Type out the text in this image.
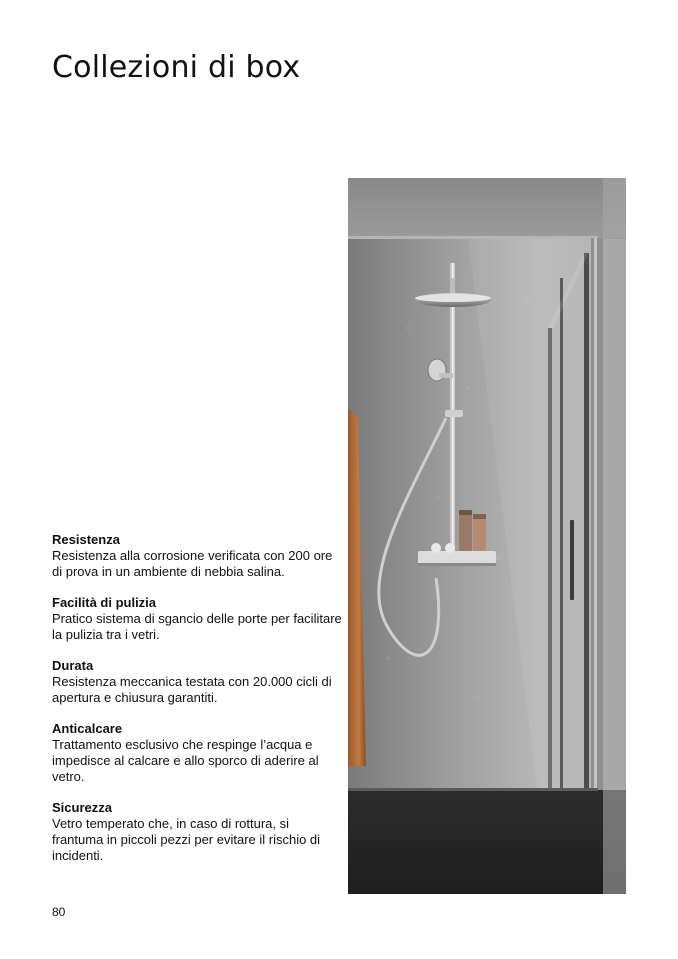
Collezioni di box

Resistenza

Resistenza alla corrosione verificata con 200 ore di prova in un ambiente di nebbia salina.

Facilità di pulizia

Pratico sistema di sgancio delle porte per facilitare la pulizia tra i vetri.

Durata

Resistenza meccanica testata con 20.000 cicli di apertura e chiusura garantiti.

Anticalcare

Trattamento esclusivo che respinge l’acqua e impedisce al calcare e allo sporco di aderire al vetro.

Sicurezza

Vetro temperato che, in caso di rottura, si frantuma in piccoli pezzi per evitare il rischio di incidenti.

80
